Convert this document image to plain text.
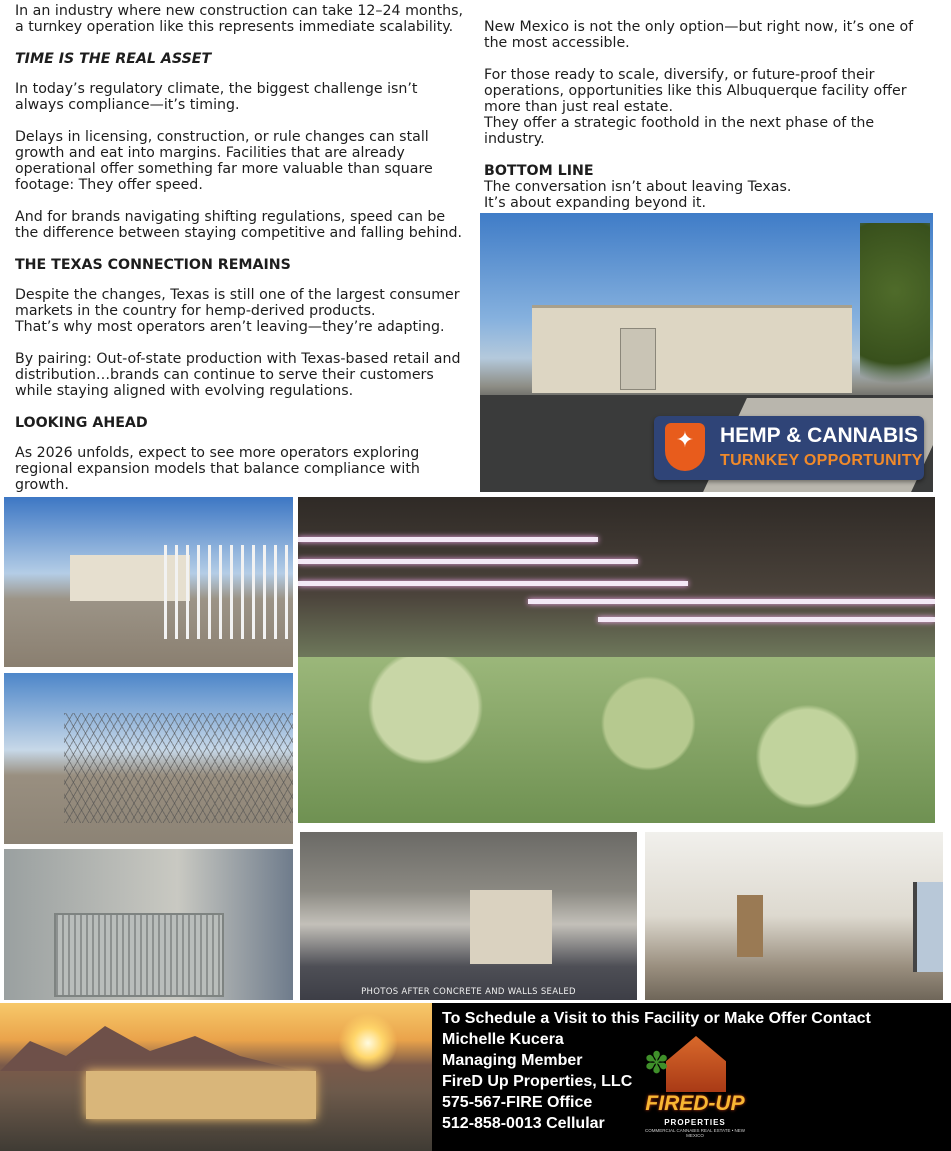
In an industry where new construction can take 12–24 months, a turnkey operation like this represents immediate scalability.

TIME IS THE REAL ASSET

In today’s regulatory climate, the biggest challenge isn’t always compliance—it’s timing.

Delays in licensing, construction, or rule changes can stall growth and eat into margins. Facilities that are already operational offer something far more valuable than square footage: They offer speed.

And for brands navigating shifting regulations, speed can be the difference between staying competitive and falling behind.

THE TEXAS CONNECTION REMAINS

Despite the changes, Texas is still one of the largest consumer markets in the country for hemp-derived products.

That’s why most operators aren’t leaving—they’re adapting.

By pairing: Out-of-state production with Texas-based retail and distribution…brands can continue to serve their customers while staying aligned with evolving regulations.

LOOKING AHEAD

As 2026 unfolds, expect to see more operators exploring regional expansion models that balance compliance with growth.

New Mexico is not the only option—but right now, it’s one of the most accessible.

For those ready to scale, diversify, or future-proof their operations, opportunities like this Albuquerque facility offer more than just real estate.

They offer a strategic foothold in the next phase of the industry.

BOTTOM LINE

The conversation isn’t about leaving Texas.

It’s about expanding beyond it.

✦	HEMP & CANNABIS
TURNKEY OPPORTUNITY
PHOTOS AFTER CONCRETE AND WALLS SEALED
To Schedule a Visit to this Facility or Make Offer Contact
Michelle Kucera
Managing Member
FireD Up Properties, LLC
575-567-FIRE Office
512-858-0013 Cellular
✽
FIRED-UP
PROPERTIES
COMMERCIAL CANNABIS REAL ESTATE • NEW MEXICO
